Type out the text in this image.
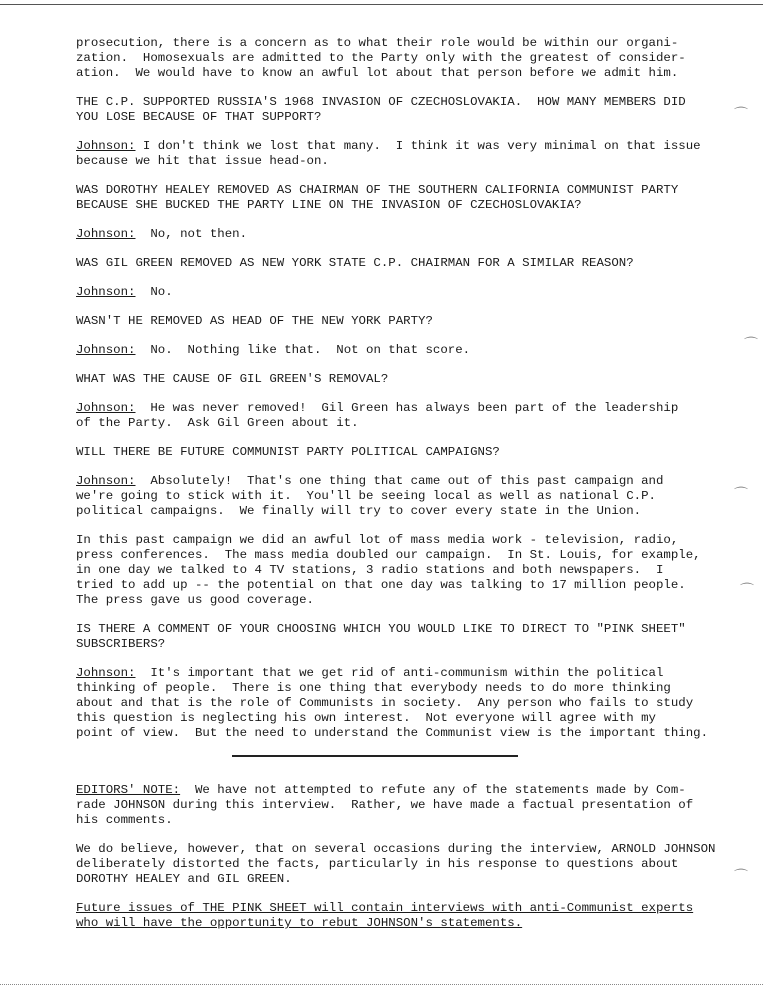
prosecution, there is a concern as to what their role would be within our organi-
zation.  Homosexuals are admitted to the Party only with the greatest of consider-
ation.  We would have to know an awful lot about that person before we admit him.
THE C.P. SUPPORTED RUSSIA'S 1968 INVASION OF CZECHOSLOVAKIA.  HOW MANY MEMBERS DID
YOU LOSE BECAUSE OF THAT SUPPORT?
Johnson: I don't think we lost that many.  I think it was very minimal on that issue
because we hit that issue head-on.
WAS DOROTHY HEALEY REMOVED AS CHAIRMAN OF THE SOUTHERN CALIFORNIA COMMUNIST PARTY
BECAUSE SHE BUCKED THE PARTY LINE ON THE INVASION OF CZECHOSLOVAKIA?
Johnson:  No, not then.
WAS GIL GREEN REMOVED AS NEW YORK STATE C.P. CHAIRMAN FOR A SIMILAR REASON?
Johnson:  No.
WASN'T HE REMOVED AS HEAD OF THE NEW YORK PARTY?
Johnson:  No.  Nothing like that.  Not on that score.
WHAT WAS THE CAUSE OF GIL GREEN'S REMOVAL?
Johnson:  He was never removed!  Gil Green has always been part of the leadership
of the Party.  Ask Gil Green about it.
WILL THERE BE FUTURE COMMUNIST PARTY POLITICAL CAMPAIGNS?
Johnson:  Absolutely!  That's one thing that came out of this past campaign and
we're going to stick with it.  You'll be seeing local as well as national C.P.
political campaigns.  We finally will try to cover every state in the Union.
In this past campaign we did an awful lot of mass media work - television, radio,
press conferences.  The mass media doubled our campaign.  In St. Louis, for example,
in one day we talked to 4 TV stations, 3 radio stations and both newspapers.  I
tried to add up -- the potential on that one day was talking to 17 million people.
The press gave us good coverage.
IS THERE A COMMENT OF YOUR CHOOSING WHICH YOU WOULD LIKE TO DIRECT TO "PINK SHEET"
SUBSCRIBERS?
Johnson:  It's important that we get rid of anti-communism within the political
thinking of people.  There is one thing that everybody needs to do more thinking
about and that is the role of Communists in society.  Any person who fails to study
this question is neglecting his own interest.  Not everyone will agree with my
point of view.  But the need to understand the Communist view is the important thing.
EDITORS' NOTE:  We have not attempted to refute any of the statements made by Com-
rade JOHNSON during this interview.  Rather, we have made a factual presentation of
his comments.
We do believe, however, that on several occasions during the interview, ARNOLD JOHNSON
deliberately distorted the facts, particularly in his response to questions about
DOROTHY HEALEY and GIL GREEN.
Future issues of THE PINK SHEET will contain interviews with anti-Communist experts
who will have the opportunity to rebut JOHNSON's statements.
⌒
⌒
⌒
⌒
⌒
